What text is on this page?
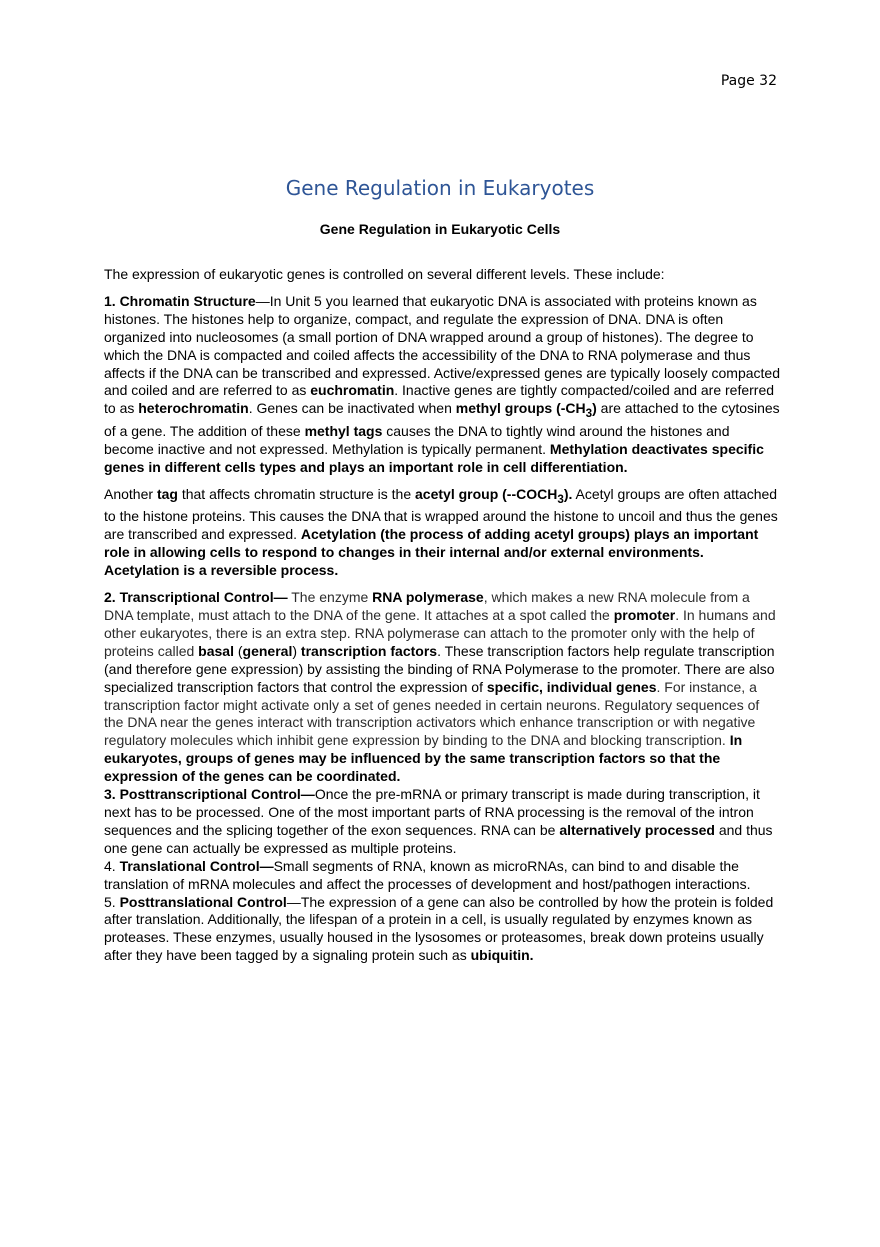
Page 32
Gene Regulation in Eukaryotes
Gene Regulation in Eukaryotic Cells

The expression of eukaryotic genes is controlled on several different levels. These include:

1. Chromatin Structure—In Unit 5 you learned that eukaryotic DNA is associated with proteins known as histones. The histones help to organize, compact, and regulate the expression of DNA. DNA is often organized into nucleosomes (a small portion of DNA wrapped around a group of histones). The degree to which the DNA is compacted and coiled affects the accessibility of the DNA to RNA polymerase and thus affects if the DNA can be transcribed and expressed. Active/expressed genes are typically loosely compacted and coiled and are referred to as euchromatin. Inactive genes are tightly compacted/coiled and are referred to as heterochromatin. Genes can be inactivated when methyl groups $(-CH_3)$ are attached to the cytosines of a gene. The addition of these methyl tags causes the DNA to tightly wind around the histones and become inactive and not expressed. Methylation is typically permanent. Methylation deactivates specific genes in different cells types and plays an important role in cell differentiation.

Another tag that affects chromatin structure is the acetyl group $(--COCH_3)$. Acetyl groups are often attached to the histone proteins. This causes the DNA that is wrapped around the histone to uncoil and thus the genes are transcribed and expressed. Acetylation (the process of adding acetyl groups) plays an important role in allowing cells to respond to changes in their internal and/or external environments. Acetylation is a reversible process.

2. Transcriptional Control— The enzyme RNA polymerase, which makes a new RNA molecule from a DNA template, must attach to the DNA of the gene. It attaches at a spot called the promoter. In humans and other eukaryotes, there is an extra step. RNA polymerase can attach to the promoter only with the help of proteins called basal (general) transcription factors. These transcription factors help regulate transcription (and therefore gene expression) by assisting the binding of RNA Polymerase to the promoter. There are also specialized transcription factors that control the expression of specific, individual genes. For instance, a transcription factor might activate only a set of genes needed in certain neurons. Regulatory sequences of the DNA near the genes interact with transcription activators which enhance transcription or with negative regulatory molecules which inhibit gene expression by binding to the DNA and blocking transcription. In eukaryotes, groups of genes may be influenced by the same transcription factors so that the expression of the genes can be coordinated.

3. Posttranscriptional Control—Once the pre-mRNA or primary transcript is made during transcription, it next has to be processed. One of the most important parts of RNA processing is the removal of the intron sequences and the splicing together of the exon sequences. RNA can be alternatively processed and thus one gene can actually be expressed as multiple proteins.

4. Translational Control—Small segments of RNA, known as microRNAs, can bind to and disable the translation of mRNA molecules and affect the processes of development and host/pathogen interactions.

5. Posttranslational Control—The expression of a gene can also be controlled by how the protein is folded after translation. Additionally, the lifespan of a protein in a cell, is usually regulated by enzymes known as proteases. These enzymes, usually housed in the lysosomes or proteasomes, break down proteins usually after they have been tagged by a signaling protein such as ubiquitin.
